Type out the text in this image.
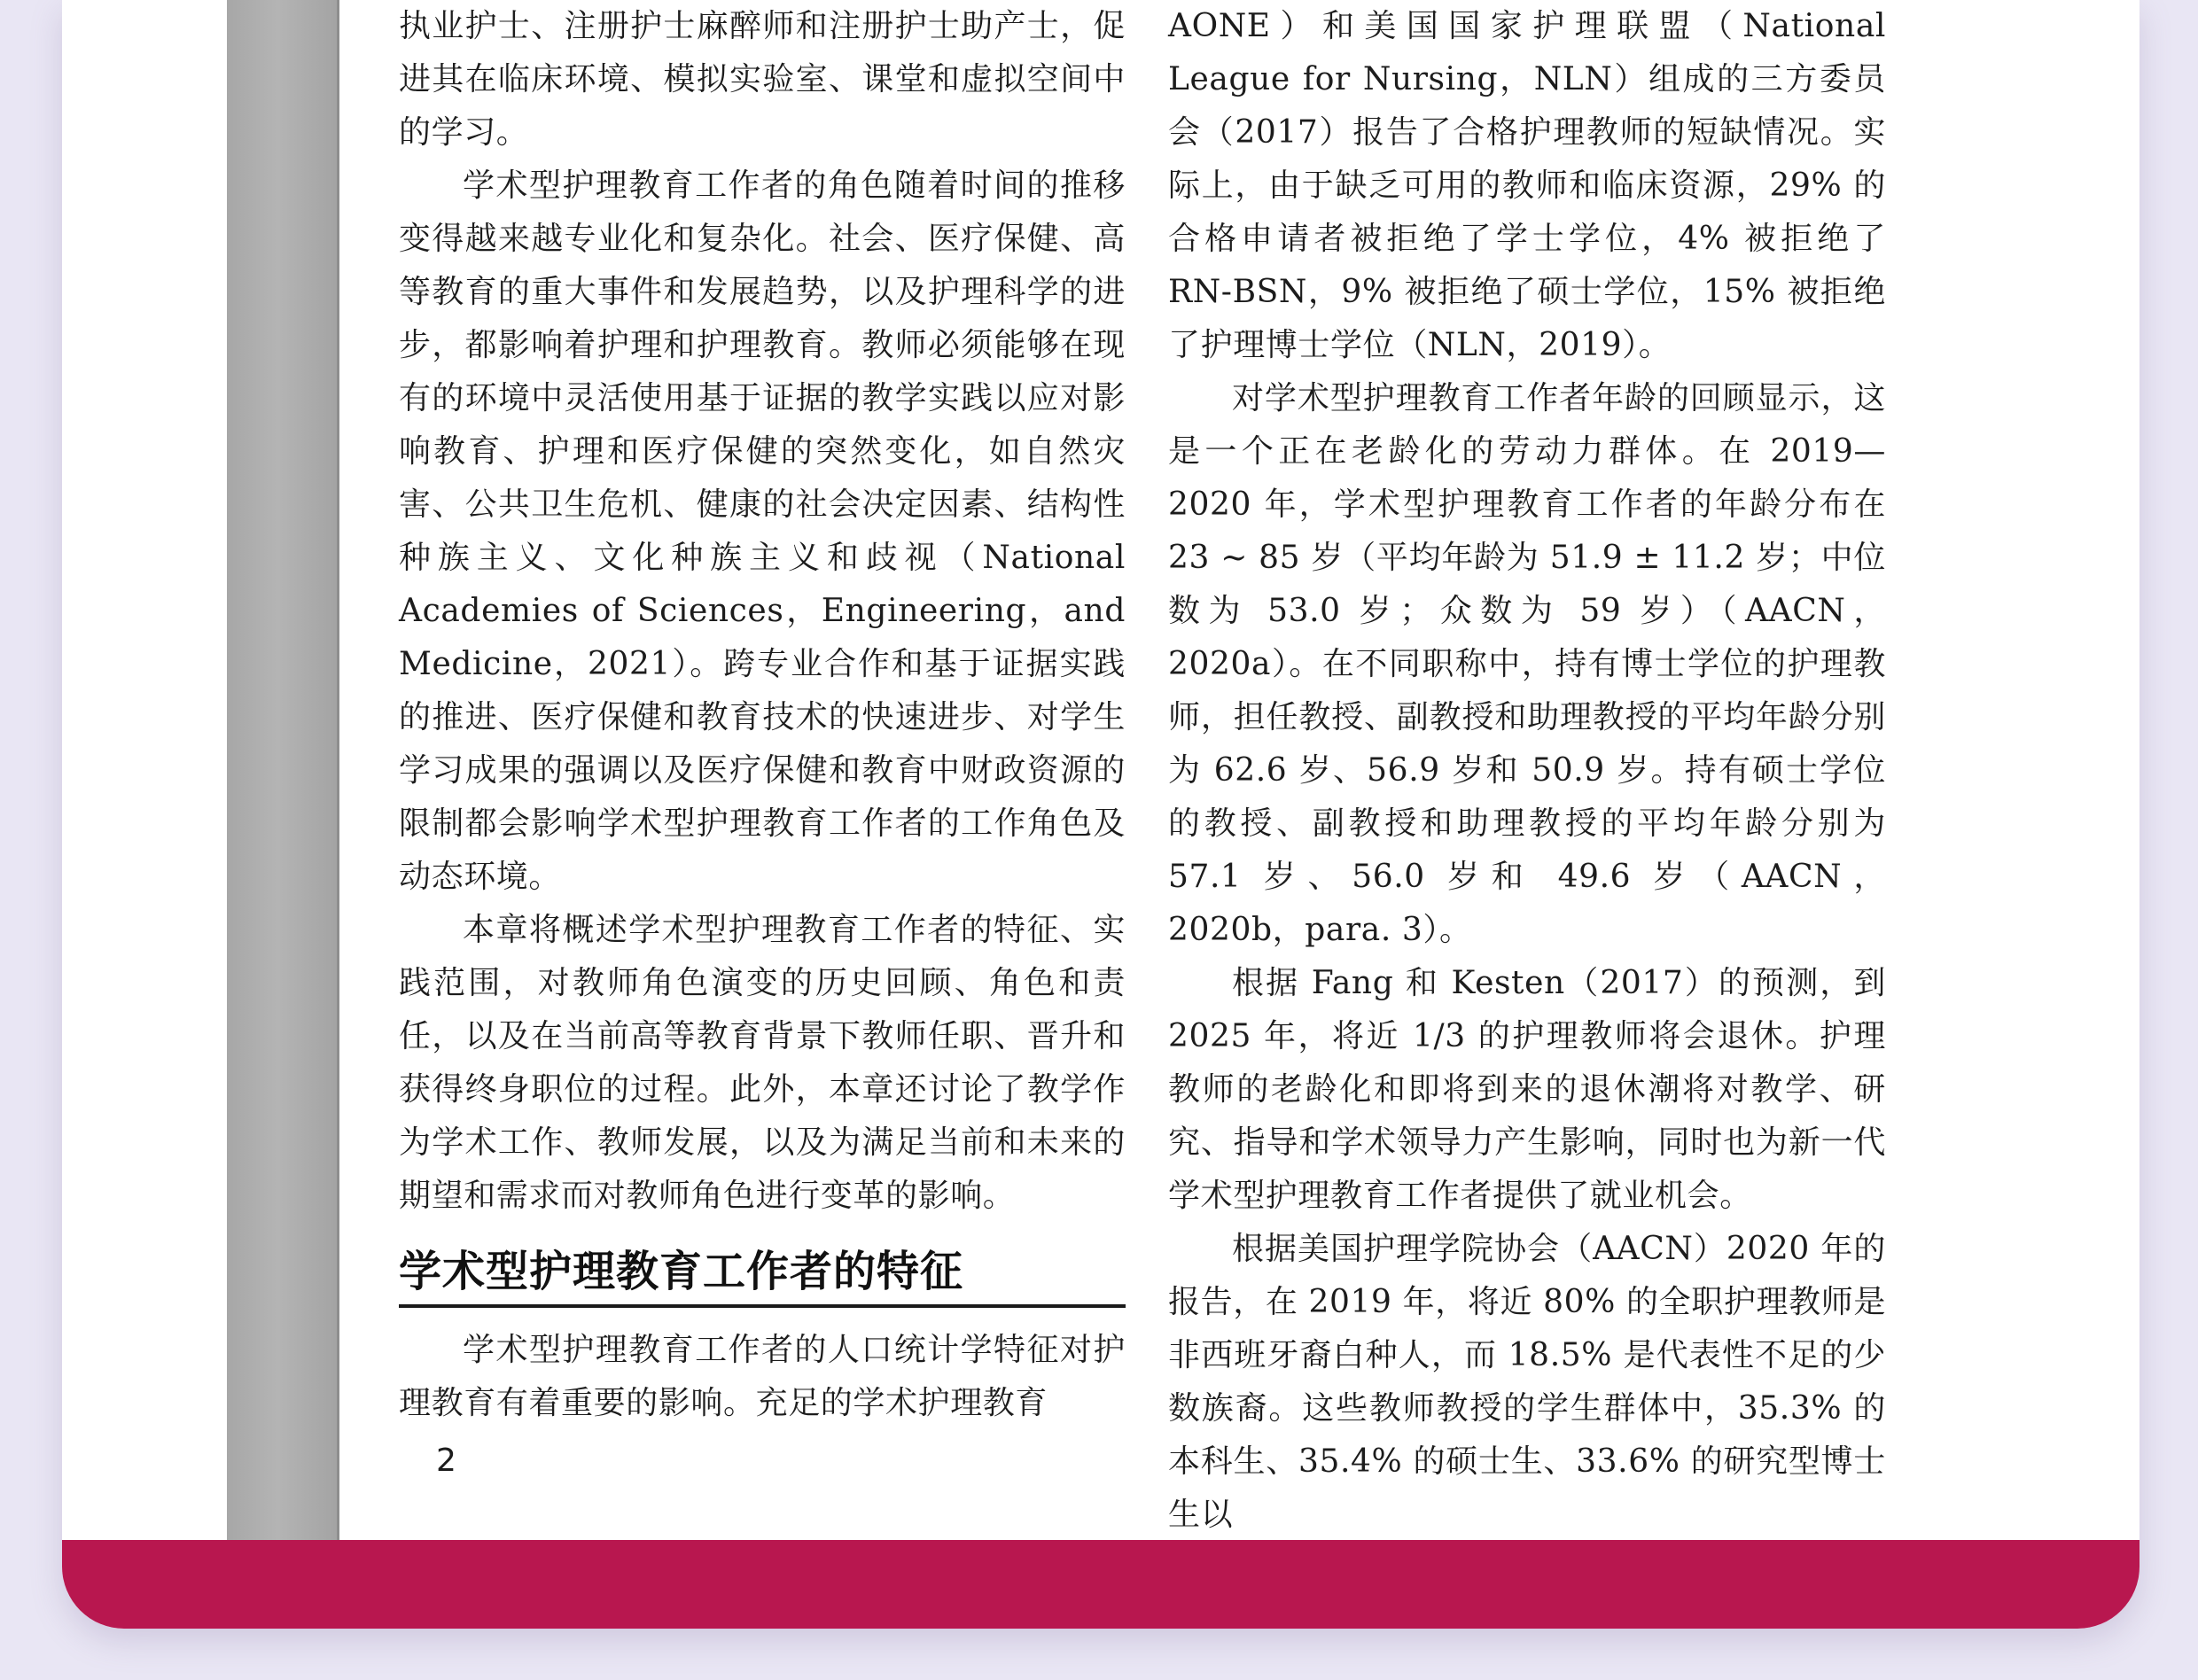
执业护士、注册护士麻醉师和注册护士助产士，促进其在临床环境、模拟实验室、课堂和虚拟空间中的学习。

学术型护理教育工作者的角色随着时间的推移变得越来越专业化和复杂化。社会、医疗保健、高等教育的重大事件和发展趋势，以及护理科学的进步，都影响着护理和护理教育。教师必须能够在现有的环境中灵活使用基于证据的教学实践以应对影响教育、护理和医疗保健的突然变化，如自然灾害、公共卫生危机、健康的社会决定因素、结构性种族主义、文化种族主义和歧视（National Academies of Sciences，Engineering，and Medicine，2021）。跨专业合作和基于证据实践的推进、医疗保健和教育技术的快速进步、对学生学习成果的强调以及医疗保健和教育中财政资源的限制都会影响学术型护理教育工作者的工作角色及动态环境。

本章将概述学术型护理教育工作者的特征、实践范围，对教师角色演变的历史回顾、角色和责任，以及在当前高等教育背景下教师任职、晋升和获得终身职位的过程。此外，本章还讨论了教学作为学术工作、教师发展，以及为满足当前和未来的期望和需求而对教师角色进行变革的影响。

学术型护理教育工作者的特征

学术型护理教育工作者的人口统计学特征对护理教育有着重要的影响。充足的学术护理教育

AONE）和美国国家护理联盟（National League for Nursing，NLN）组成的三方委员会（2017）报告了合格护理教师的短缺情况。实际上，由于缺乏可用的教师和临床资源，29% 的合格申请者被拒绝了学士学位，4% 被拒绝了 RN-BSN，9% 被拒绝了硕士学位，15% 被拒绝了护理博士学位（NLN，2019）。

对学术型护理教育工作者年龄的回顾显示，这是一个正在老龄化的劳动力群体。在 2019—2020 年，学术型护理教育工作者的年龄分布在 23 ~ 85 岁（平均年龄为 51.9 ± 11.2 岁；中位数为 53.0 岁；众数为 59 岁）（AACN，2020a）。在不同职称中，持有博士学位的护理教师，担任教授、副教授和助理教授的平均年龄分别为 62.6 岁、56.9 岁和 50.9 岁。持有硕士学位的教授、副教授和助理教授的平均年龄分别为 57.1 岁、56.0 岁和 49.6 岁（AACN，2020b，para. 3）。

根据 Fang 和 Kesten（2017）的预测，到 2025 年，将近 1/3 的护理教师将会退休。护理教师的老龄化和即将到来的退休潮将对教学、研究、指导和学术领导力产生影响，同时也为新一代学术型护理教育工作者提供了就业机会。

根据美国护理学院协会（AACN）2020 年的报告，在 2019 年，将近 80% 的全职护理教师是非西班牙裔白种人，而 18.5% 是代表性不足的少数族裔。这些教师教授的学生群体中，35.3% 的本科生、35.4% 的硕士生、33.6% 的研究型博士生以

2
